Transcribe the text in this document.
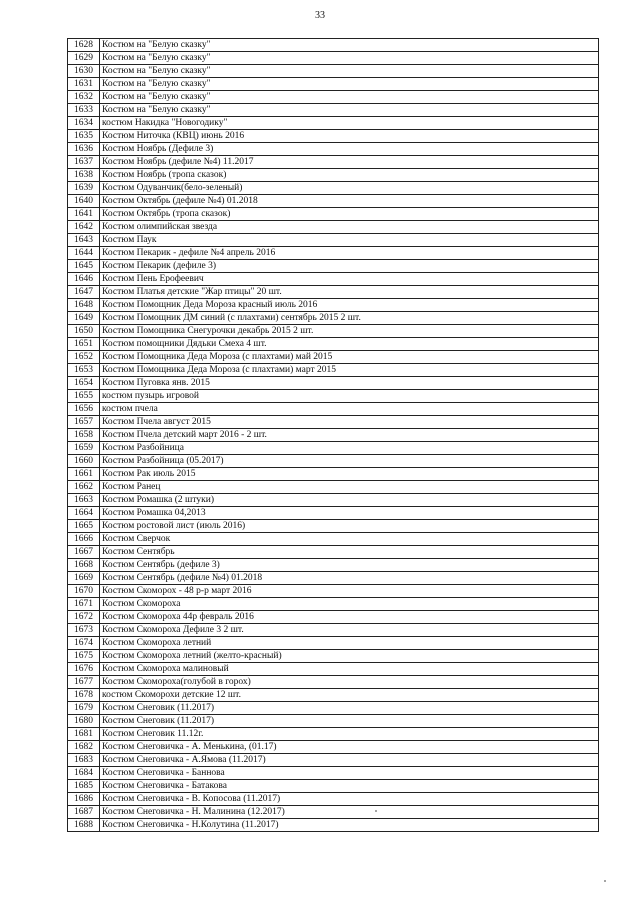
33
1628	Костюм на "Белую сказку"
1629	Костюм на "Белую сказку"
1630	Костюм на "Белую сказку"
1631	Костюм на "Белую сказку"
1632	Костюм на "Белую сказку"
1633	Костюм на "Белую сказку"
1634	костюм Накидка "Новогодику"
1635	Костюм Ниточка (КВЦ) июнь 2016
1636	Костюм Ноябрь (Дефиле 3)
1637	Костюм Ноябрь (дефиле №4) 11.2017
1638	Костюм Ноябрь (тропа сказок)
1639	Костюм Одуванчик(бело-зеленый)
1640	Костюм Октябрь (дефиле №4) 01.2018
1641	Костюм Октябрь (тропа сказок)
1642	Костюм олимпийская звезда
1643	Костюм Паук
1644	Костюм Пекарик - дефиле №4 апрель 2016
1645	Костюм Пекарик (дефиле 3)
1646	Костюм Пень Ерофеевич
1647	Костюм Платья детские "Жар птицы" 20 шт.
1648	Костюм Помощник Деда Мороза красный июль 2016
1649	Костюм Помощник ДМ синий (с плахтами) сентябрь 2015 2 шт.
1650	Костюм Помощника Снегурочки декабрь 2015 2 шт.
1651	Костюм помощники Дядьки Смеха 4 шт.
1652	Костюм Помощника Деда Мороза (с плахтами) май 2015
1653	Костюм Помощника Деда Мороза (с плахтами) март 2015
1654	Костюм Пуговка янв. 2015
1655	костюм пузырь игровой
1656	костюм пчела
1657	Костюм Пчела август 2015
1658	Костюм Пчела детский март 2016 - 2 шт.
1659	Костюм Разбойница
1660	Костюм Разбойница (05.2017)
1661	Костюм Рак июль 2015
1662	Костюм Ранец
1663	Костюм Ромашка (2 штуки)
1664	Костюм Ромашка 04,2013
1665	Костюм ростовой лист (июль 2016)
1666	Костюм Сверчок
1667	Костюм Сентябрь
1668	Костюм Сентябрь (дефиле 3)
1669	Костюм Сентябрь (дефиле №4) 01.2018
1670	Костюм Скоморох - 48 р-р март 2016
1671	Костюм Скомороха
1672	Костюм Скомороха 44р февраль 2016
1673	Костюм Скомороха Дефиле 3 2 шт.
1674	Костюм Скомороха летний
1675	Костюм Скомороха летний (желто-красный)
1676	Костюм Скомороха малиновый
1677	Костюм Скомороха(голубой в горох)
1678	костюм Скоморохи детские 12 шт.
1679	Костюм Снеговик (11.2017)
1680	Костюм Снеговик (11.2017)
1681	Костюм Снеговик 11.12г.
1682	Костюм Снеговичка - А. Менькина, (01.17)
1683	Костюм Снеговичка - А.Ямова (11.2017)
1684	Костюм Снеговичка - Баннова
1685	Костюм Снеговичка - Батакова
1686	Костюм Снеговичка - В. Копосова (11.2017)
1687	Костюм Снеговичка - Н. Малинина (12.2017)
1688	Костюм Снеговичка - Н.Колутина (11.2017)
